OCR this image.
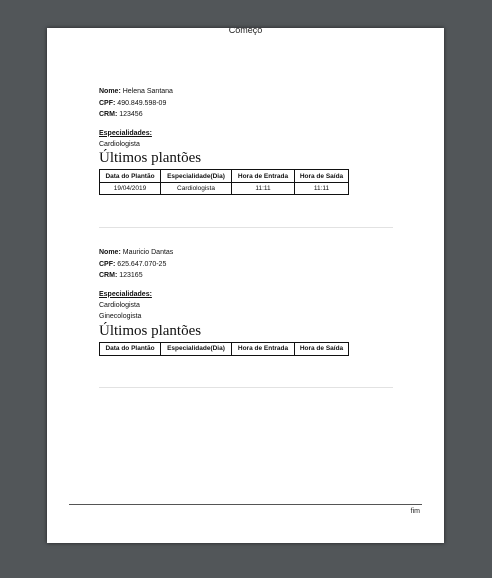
Começo
Nome: Helena Santana
CPF: 490.849.598-09
CRM: 123456
Especialidades:
Cardiologista
Últimos plantões
Data do Plantão	Especialidade(Dia)	Hora de Entrada	Hora de Saída
19/04/2019	Cardiologista	11:11	11:11
Nome: Mauricio Dantas
CPF: 625.647.070-25
CRM: 123165
Especialidades:
Cardiologista
Ginecologista
Últimos plantões
Data do Plantão	Especialidade(Dia)	Hora de Entrada	Hora de Saída
fim
